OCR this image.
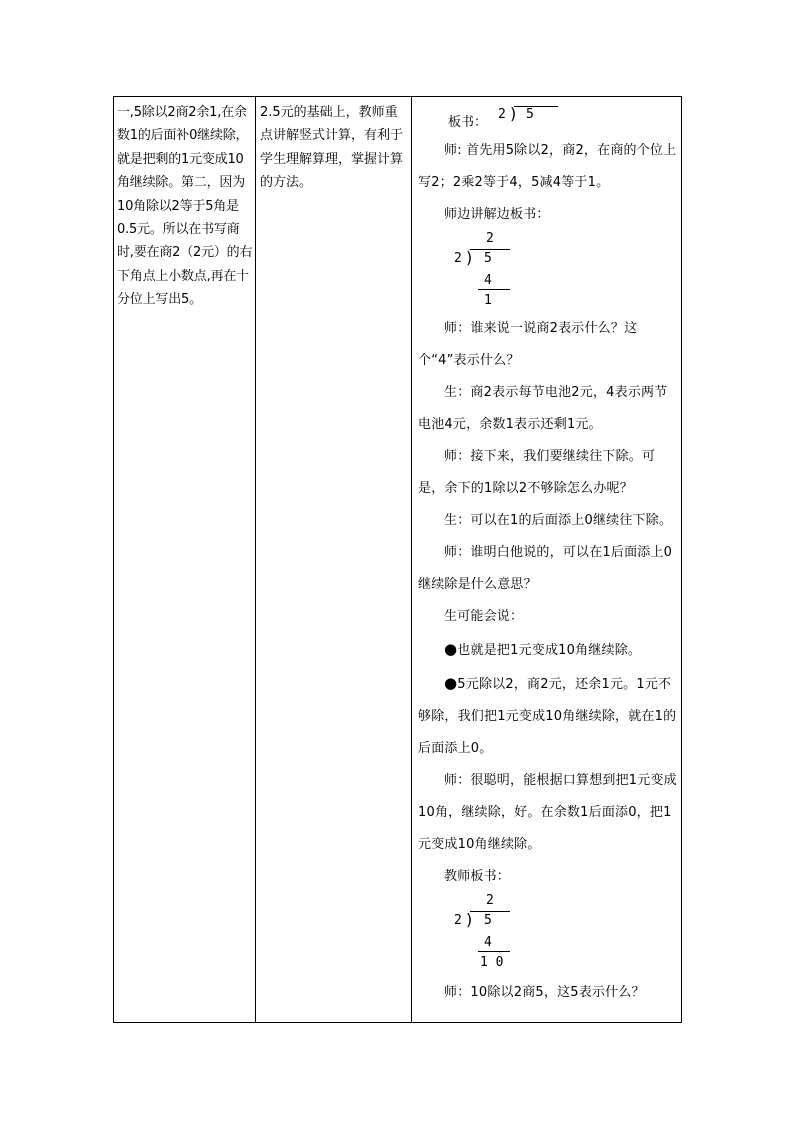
一,5除以2商2余1,在余数1的后面补0继续除，就是把剩的1元变成10角继续除。第二，因为10角除以2等于5角是0.5元。所以在书写商时,要在商2（2元）的右下角点上小数点,再在十分位上写出5。
2.5元的基础上，教师重点讲解竖式计算，有利于学生理解算理，掌握计算的方法。
板书：
2 ) 5

师: 首先用5除以2，商2，在商的个位上写2；2乘2等于4，5减4等于1。

师边讲解边板书：

2
2 ) 5
4
1

师：谁来说一说商2表示什么？这个“4”表示什么？

生：商2表示每节电池2元，4表示两节电池4元，余数1表示还剩1元。

师：接下来，我们要继续往下除。可是，余下的1除以2不够除怎么办呢？

生：可以在1的后面添上0继续往下除。

师：谁明白他说的，可以在1后面添上0继续除是什么意思？

生可能会说：

●也就是把1元变成10角继续除。

●5元除以2，商2元，还余1元。1元不够除，我们把1元变成10角继续除，就在1的后面添上0。

师：很聪明，能根据口算想到把1元变成10角，继续除，好。在余数1后面添0，把1元变成10角继续除。

教师板书：

2
2 ) 5
4
1 0

师：10除以2商5，这5表示什么？
